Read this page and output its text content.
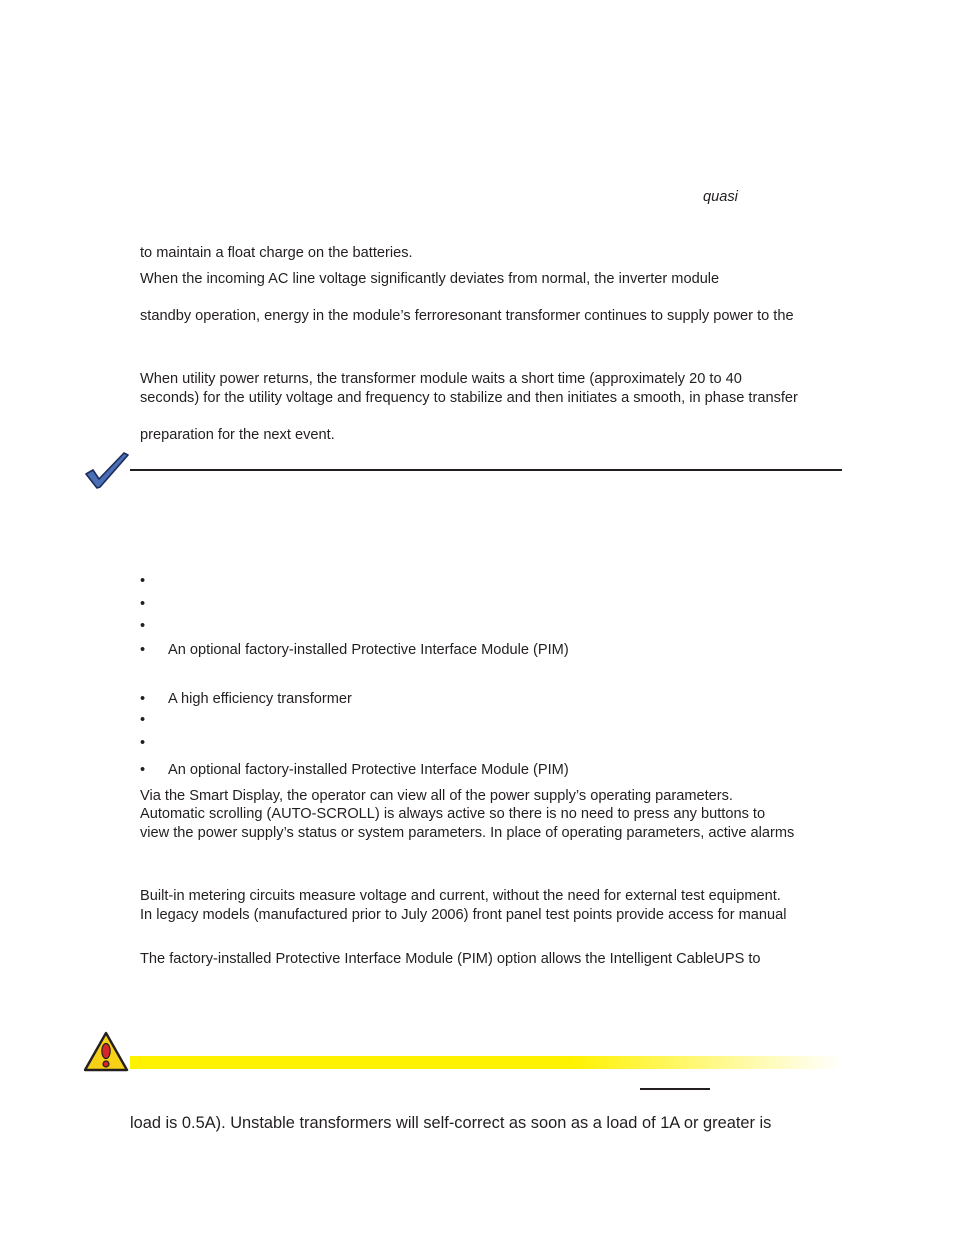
quasi
to maintain a float charge on the batteries.
When the incoming AC line voltage significantly deviates from normal, the inverter module
standby operation, energy in the module’s ferroresonant transformer continues to supply power to the
When utility power returns, the transformer module waits a short time (approximately 20 to 40
seconds) for the utility voltage and frequency to stabilize and then initiates a smooth, in phase transfer
preparation for the next event.
•
•
•
• An optional factory-installed Protective Interface Module (PIM)
• A high efficiency transformer
•
•
• An optional factory-installed Protective Interface Module (PIM)
Via the Smart Display, the operator can view all of the power supply’s operating parameters.
Automatic scrolling (AUTO-SCROLL) is always active so there is no need to press any buttons to
view the power supply’s status or system parameters. In place of operating parameters, active alarms
Built-in metering circuits measure voltage and current, without the need for external test equipment.
In legacy models (manufactured prior to July 2006) front panel test points provide access for manual
The factory-installed Protective Interface Module (PIM) option allows the Intelligent CableUPS to
load is 0.5A). Unstable transformers will self-correct as soon as a load of 1A or greater is
